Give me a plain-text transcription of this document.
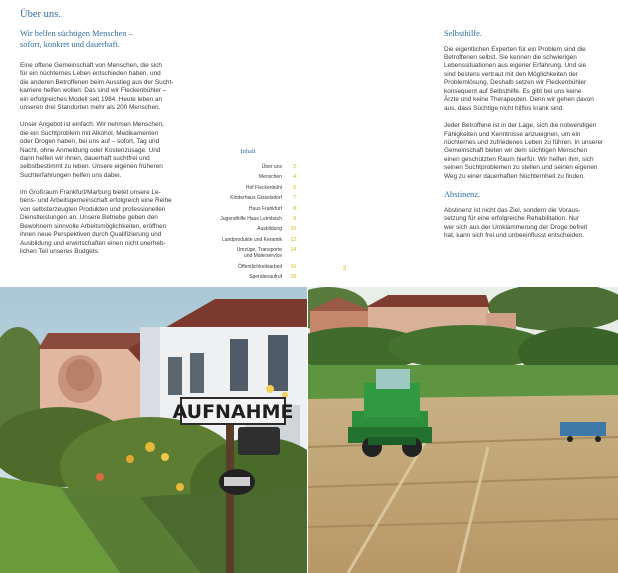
Über uns.
Wir helfen süchtigen Menschen –
sofort, konkret und dauerhaft.

Eine offene Gemeinschaft von Menschen, die sich
für ein nüchternes Leben entschieden haben, und
die anderen Betroffenen beim Ausstieg aus der Sucht-
karriere helfen wollen: Das sind wir Fleckenbühler –
ein erfolgreiches Modell seit 1984. Heute leben an
unseren drei Standorten mehr als 200 Menschen.

Unser Angebot ist einfach: Wir nehmen Menschen,
die ein Suchtproblem mit Alkohol, Medikamenten
oder Drogen haben, bei uns auf – sofort, Tag und
Nacht, ohne Anmeldung oder Kostenzusage. Und
dann helfen wir ihnen, dauerhaft suchtfrei und
selbstbestimmt zu leben. Unsere eigenen früheren
Suchterfahrungen helfen uns dabei.

Im Großraum Frankfurt/Marburg bietet unsere Le-
bens- und Arbeitsgemeinschaft erfolgreich eine Reihe
von selbsterzeugten Produkten und professionellen
Dienstleistungen an. Unsere Betriebe geben den
Bewohnern sinnvolle Arbeitsmöglichkeiten, eröffnen
ihnen neue Perspektiven durch Qualifizierung und
Ausbildung und erwirtschaften einen nicht unerheb-
lichen Teil unseres Budgets.

Inhalt
Über uns	2
Menschen	4
Hof Fleckenbühl	6
Kinderhaus Gisselsdorf	7
Haus Frankfurt	8
Jugendhilfe Haus Leimbach	9
Ausbildung	10
Landprodukte und Keramik	12
Umzüge, Transporte
und Malerservice
14
Öffentlichkeitsarbeit	16
Spendenaufruf	18
3
Selbsthilfe.

Die eigentlichen Experten für ein Problem sind die
Betroffenen selbst. Sie kennen die schwierigen
Lebenssituationen aus eigener Erfahrung. Und sie
sind bestens vertraut mit den Möglichkeiten der
Problemlösung. Deshalb setzen wir Fleckenbühler
konsequent auf Selbsthilfe. Es gibt bei uns keine
Ärzte und keine Therapeuten. Denn wir gehen davon
aus, dass Süchtige nicht hilflos krank sind.

Jeder Betroffene ist in der Lage, sich die notwendigen
Fähigkeiten und Kenntnisse anzueignen, um ein
nüchternes und zufriedenes Leben zu führen. In unserer
Gemeinschaft bieten wir dem süchtigen Menschen
einen geschützten Raum hierfür. Wir helfen ihm, sich
seinen Suchtproblemen zu stellen und seinen eigenen
Weg zu einer dauerhaften Nüchternheit zu finden.

Abstinenz.

Abstinenz ist nicht das Ziel, sondern die Voraus-
setzung für eine erfolgreiche Rehabilitation. Nur
wer sich aus der Umklammerung der Droge befreit
hat, kann sich frei und unbeeinflusst entscheiden.

AUFNAHME
